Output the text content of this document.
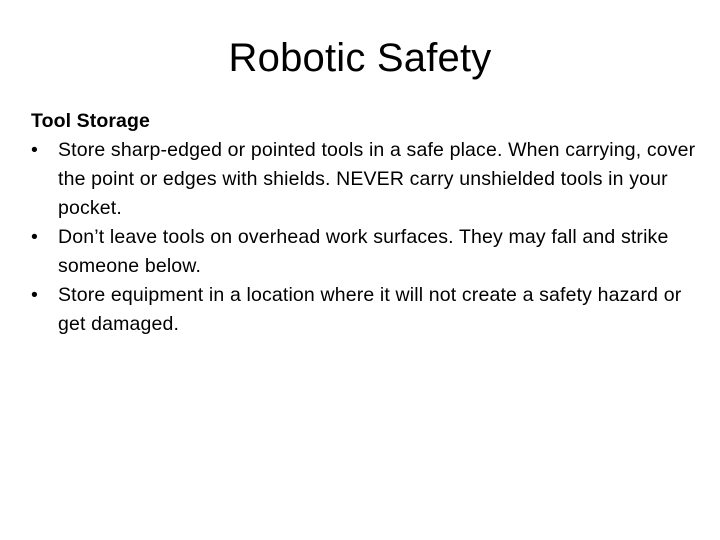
Robotic Safety

Tool Storage

•	Store sharp-edged or pointed tools in a safe place. When carrying, cover the point or edges with shields. NEVER carry unshielded tools in your pocket.
•	Don’t leave tools on overhead work surfaces. They may fall and strike someone below.
•	Store equipment in a location where it will not create a safety hazard or get damaged.
